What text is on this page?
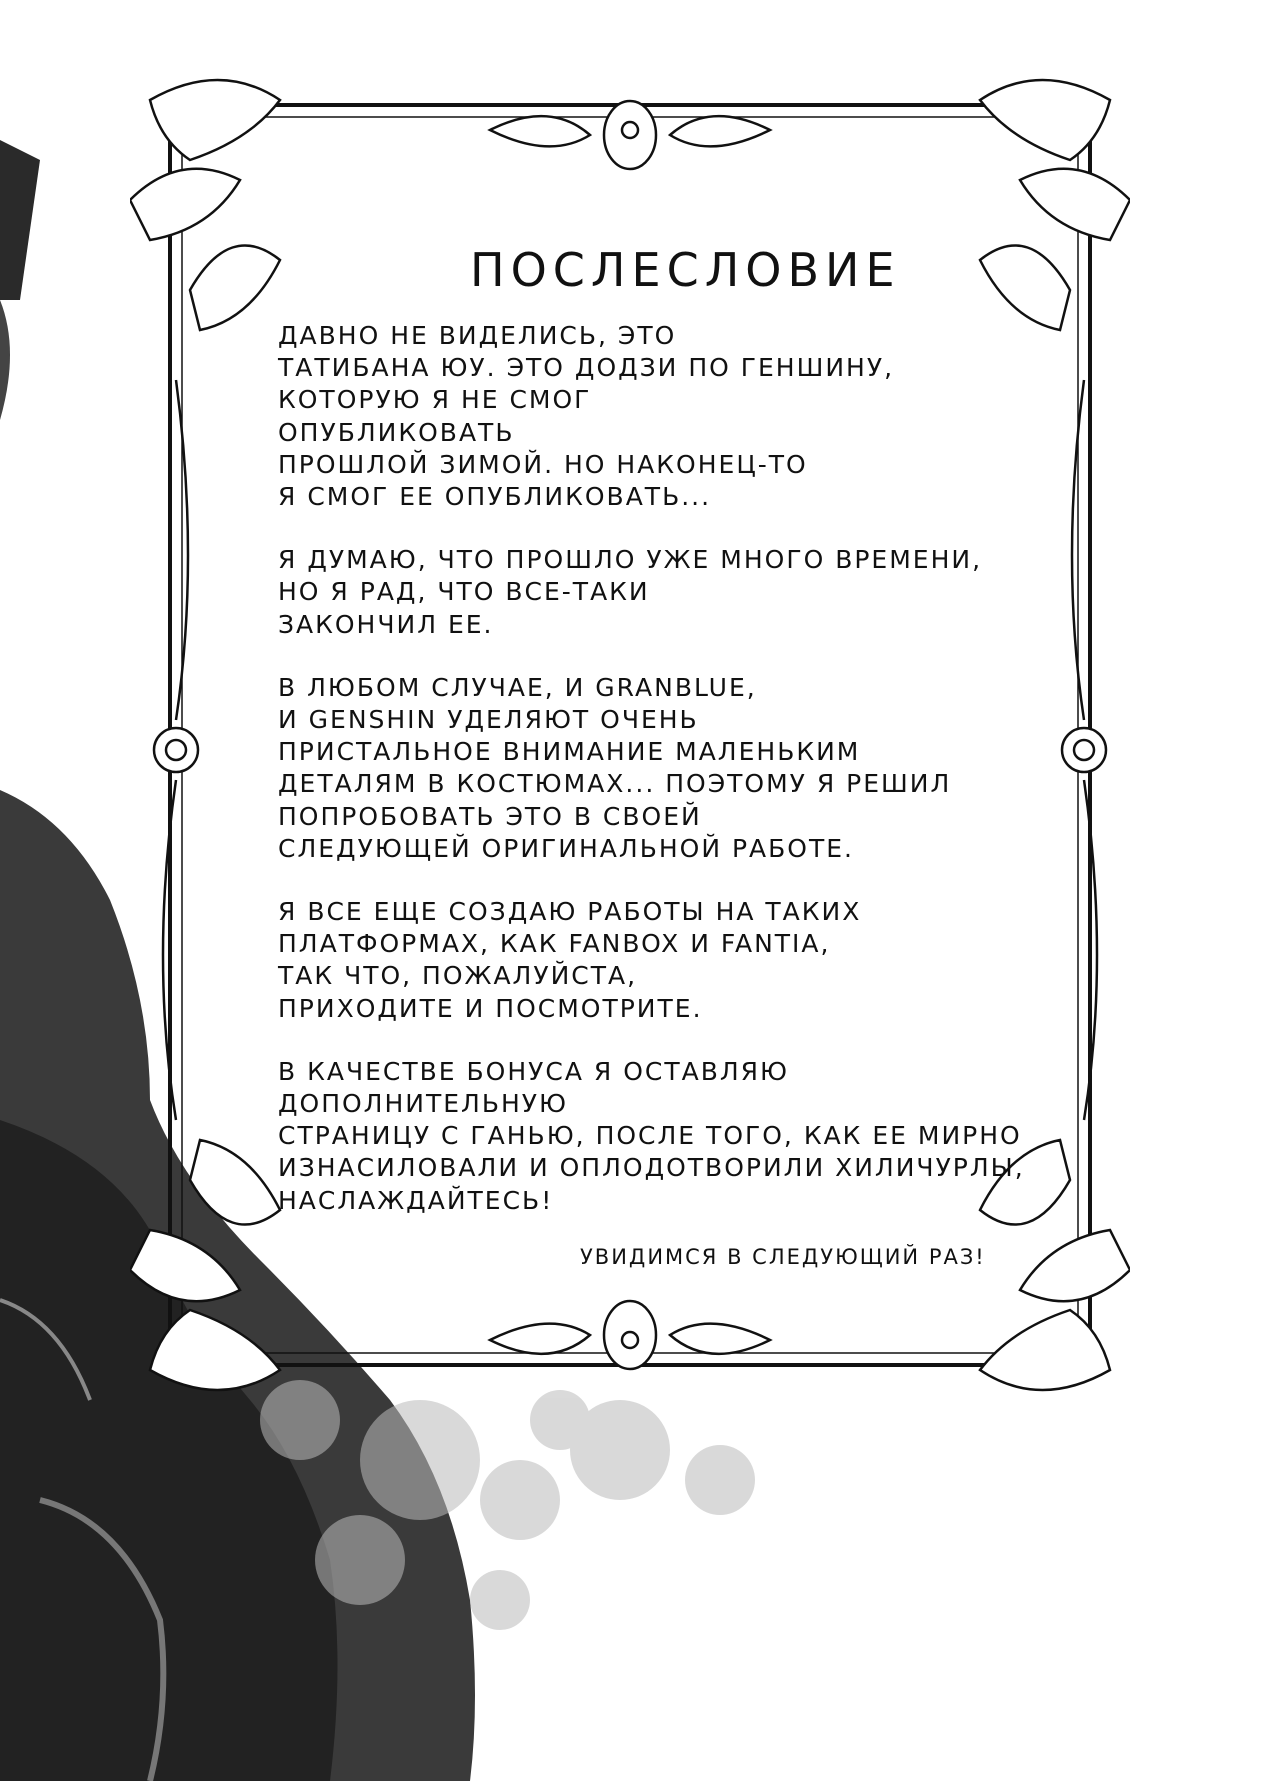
ПОСЛЕСЛОВИЕ
ДАВНО НЕ ВИДЕЛИСЬ, ЭТО
ТАТИБАНА ЮУ. ЭТО ДОДЗИ ПО ГЕНШИНУ,
КОТОРУЮ Я НЕ СМОГ
ОПУБЛИКОВАТЬ
ПРОШЛОЙ ЗИМОЙ. НО НАКОНЕЦ-ТО
Я СМОГ ЕЕ ОПУБЛИКОВАТЬ...
Я ДУМАЮ, ЧТО ПРОШЛО УЖЕ МНОГО ВРЕМЕНИ,
НО Я РАД, ЧТО ВСЕ-ТАКИ
ЗАКОНЧИЛ ЕЕ.
В ЛЮБОМ СЛУЧАЕ, И GRANBLUE,
И GENSHIN УДЕЛЯЮТ ОЧЕНЬ
ПРИСТАЛЬНОЕ ВНИМАНИЕ МАЛЕНЬКИМ
ДЕТАЛЯМ В КОСТЮМАХ... ПОЭТОМУ Я РЕШИЛ
ПОПРОБОВАТЬ ЭТО В СВОЕЙ
СЛЕДУЮЩЕЙ ОРИГИНАЛЬНОЙ РАБОТЕ.
Я ВСЕ ЕЩЕ СОЗДАЮ РАБОТЫ НА ТАКИХ
ПЛАТФОРМАХ, КАК FANBOX И FANTIA,
ТАК ЧТО, ПОЖАЛУЙСТА,
ПРИХОДИТЕ И ПОСМОТРИТЕ.
В КАЧЕСТВЕ БОНУСА Я ОСТАВЛЯЮ
ДОПОЛНИТЕЛЬНУЮ
СТРАНИЦУ С ГАНЬЮ, ПОСЛЕ ТОГО, КАК ЕЕ МИРНО
ИЗНАСИЛОВАЛИ И ОПЛОДОТВОРИЛИ ХИЛИЧУРЛЫ,
НАСЛАЖДАЙТЕСЬ!
УВИДИМСЯ В СЛЕДУЮЩИЙ РАЗ!
